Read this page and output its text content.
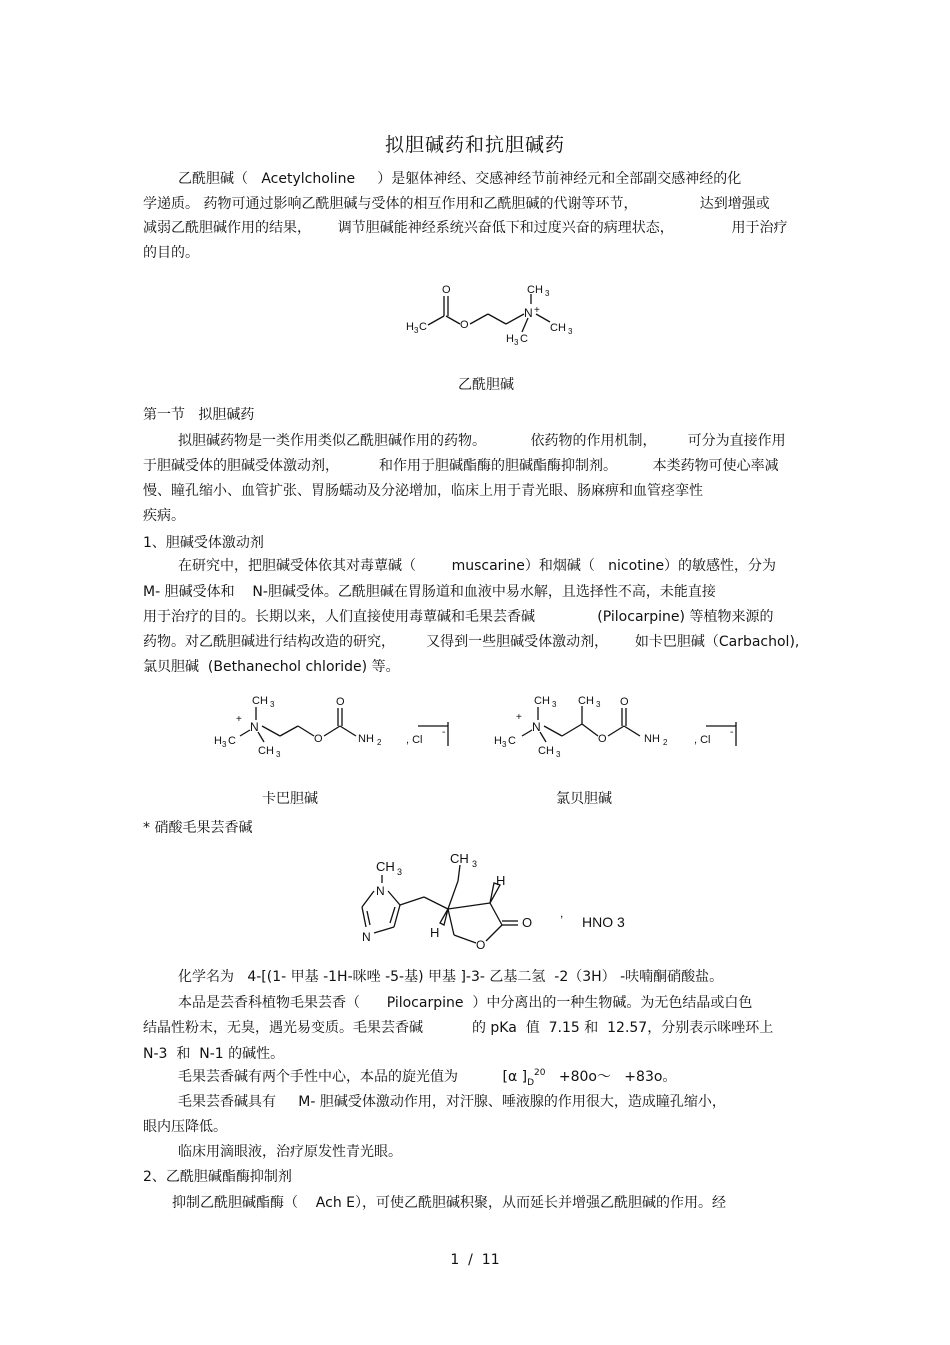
拟胆碱药和抗胆碱药
乙酰胆碱（   Acetylcholine     ）是躯体神经、交感神经节前神经元和全部副交感神经的化
学递质。 药物可通过影响乙酰胆碱与受体的相互作用和乙酰胆碱的代谢等环节，              达到增强或
减弱乙酰胆碱作用的结果，      调节胆碱能神经系统兴奋低下和过度兴奋的病理状态，             用于治疗
的目的。
H 3 C
O
O
N +
CH 3
CH 3
H 3 C
乙酰胆碱
第一节   拟胆碱药
拟胆碱药物是一类作用类似乙酰胆碱作用的药物。          依药物的作用机制，       可分为直接作用
于胆碱受体的胆碱受体激动剂，         和作用于胆碱酯酶的胆碱酯酶抑制剂。        本类药物可使心率减
慢、瞳孔缩小、血管扩张、胃肠蠕动及分泌增加，临床上用于青光眼、肠麻痹和血管痉挛性
疾病。
1、胆碱受体激动剂
在研究中，把胆碱受体依其对毒蕈碱（        muscarine）和烟碱（   nicotine）的敏感性，分为
M- 胆碱受体和    N-胆碱受体。乙酰胆碱在胃肠道和血液中易水解，且选择性不高，未能直接
用于治疗的目的。长期以来，人们直接使用毒蕈碱和毛果芸香碱              (Pilocarpine) 等植物来源的
药物。对乙酰胆碱进行结构改造的研究，       又得到一些胆碱受体激动剂，      如卡巴胆碱（Carbachol),
氯贝胆碱  (Bethanechol chloride) 等。
+
CH 3
N
H 3 C
CH 3
O
O
NH 2 , Cl
-
卡巴胆碱
+
CH 3
N
H 3 C
CH 3
CH 3
O
O
NH 2 , Cl
-
氯贝胆碱
* 硝酸毛果芸香碱
CH 3
N
N
O
O
CH 3
H
H
,
HNO 3
化学名为   4-[(1- 甲基 -1H-咪唑 -5-基) 甲基 ]-3- 乙基二氢  -2（3H） -呋喃酮硝酸盐。
本品是芸香科植物毛果芸香（      Pilocarpine  ）中分离出的一种生物碱。为无色结晶或白色
结晶性粉末，无臭，遇光易变质。毛果芸香碱           的 pKa  值  7.15 和  12.57，分别表示咪唑环上
N-3  和  N-1 的碱性。
毛果芸香碱有两个手性中心，本品的旋光值为          [α ]$_D^{20}$   +80o～   +83o。
毛果芸香碱具有     M- 胆碱受体激动作用，对汗腺、唾液腺的作用很大，造成瞳孔缩小，
眼内压降低。
临床用滴眼液，治疗原发性青光眼。
2、乙酰胆碱酯酶抑制剂
抑制乙酰胆碱酯酶（    Ach E），可使乙酰胆碱积聚，从而延长并增强乙酰胆碱的作用。经
1  /  11
